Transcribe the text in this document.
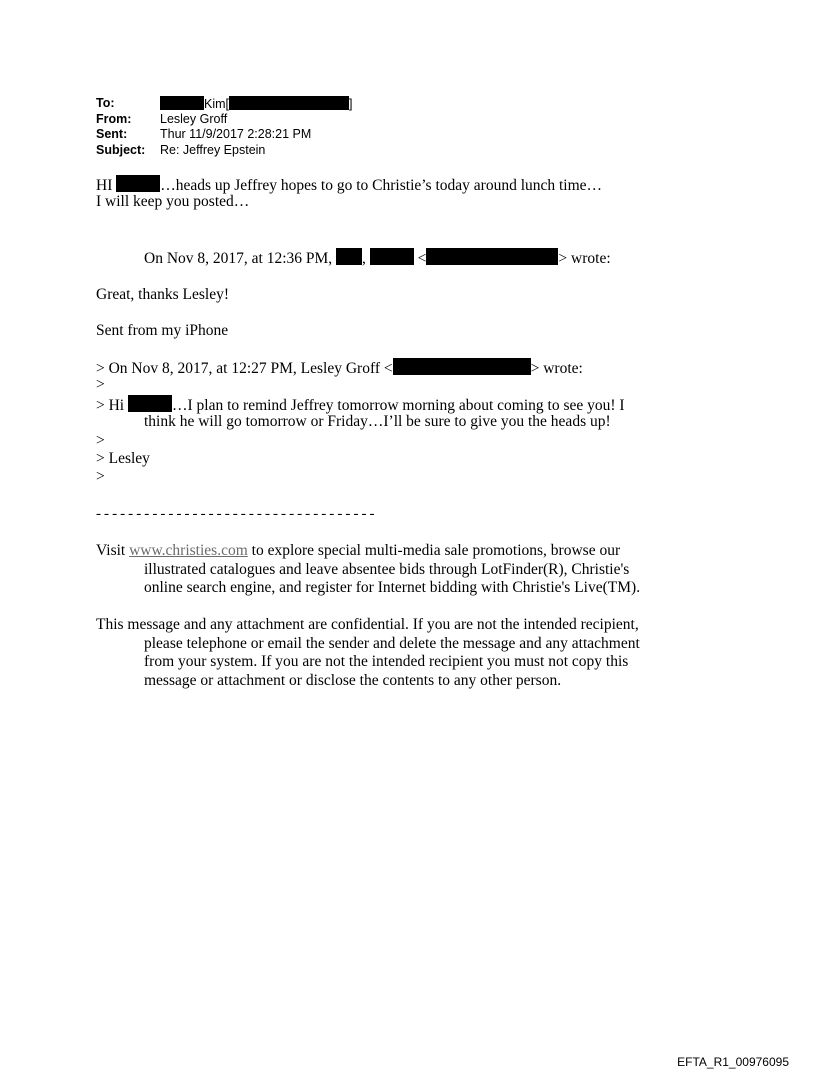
To:	Kim[	]
From: Lesley Groff
Sent:	Thur 11/9/2017 2:28:21 PM
Subject: Re: Jeffrey Epstein
HI	…heads up Jeffrey hopes to go to Christie’s today around lunch time…
I will keep you posted…
On Nov 8, 2017, at 12:36 PM, ,	<	> wrote:
Great, thanks Lesley!
Sent from my iPhone
> On Nov 8, 2017, at 12:27 PM, Lesley Groff <	> wrote:
>
> Hi	…I plan to remind Jeffrey tomorrow morning about coming to see you! I
think he will go tomorrow or Friday…I’ll be sure to give you the heads up!
>
> Lesley
>
-----------------------------------
Visit www.christies.com to explore special multi-media sale promotions, browse our
illustrated catalogues and leave absentee bids through LotFinder(R), Christie's
online search engine, and register for Internet bidding with Christie's Live(TM).
This message and any attachment are confidential. If you are not the intended recipient,
please telephone or email the sender and delete the message and any attachment
from your system. If you are not the intended recipient you must not copy this
message or attachment or disclose the contents to any other person.
EFTA_R1_00976095
